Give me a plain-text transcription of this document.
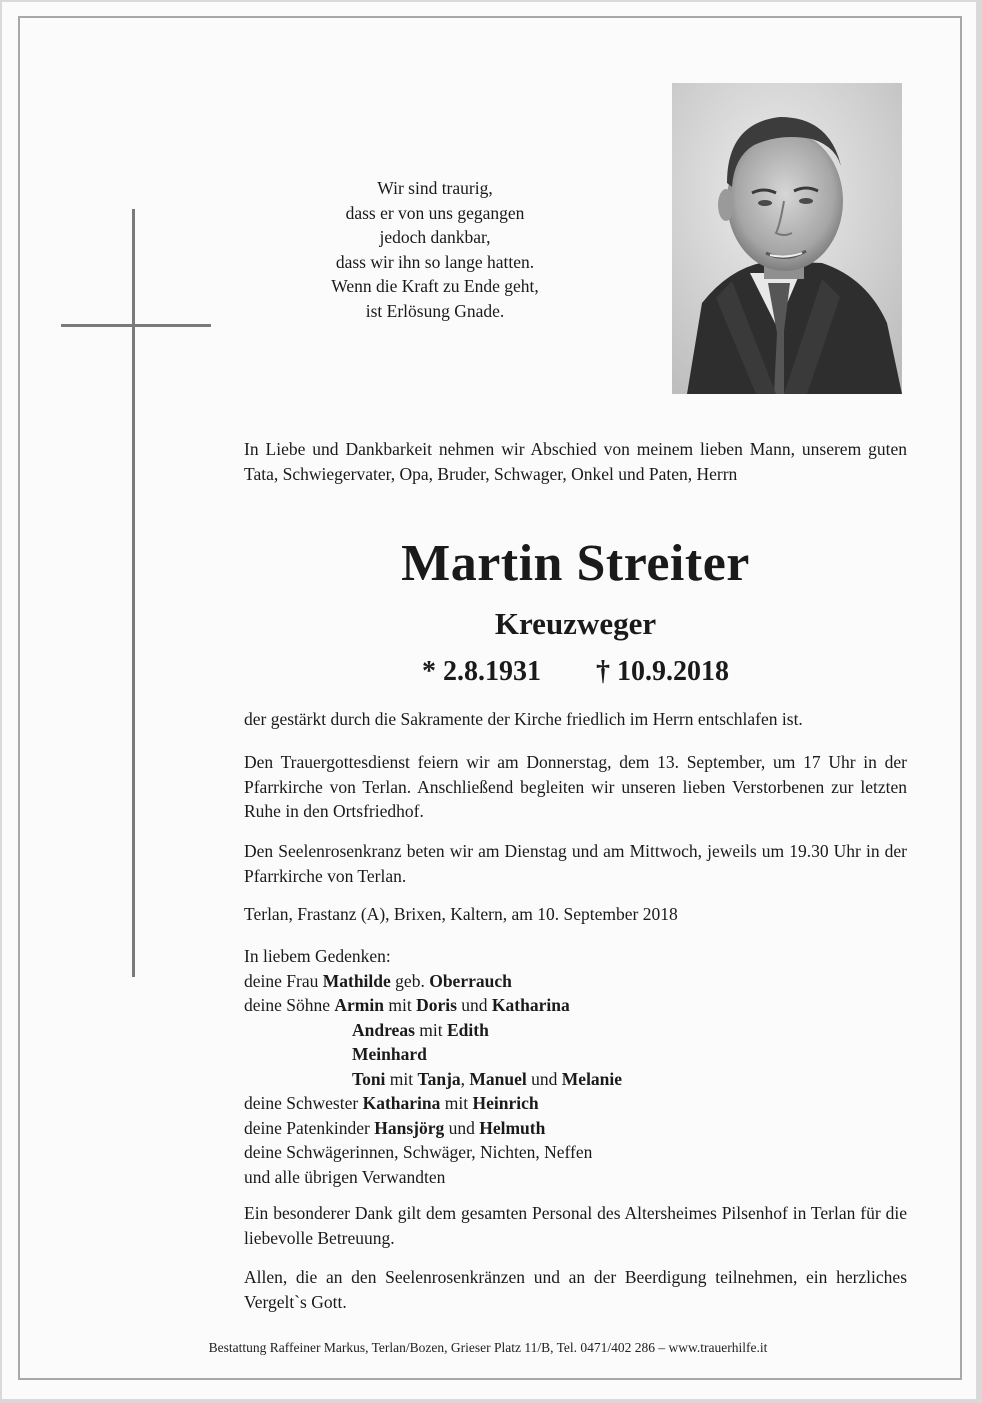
Wir sind traurig,
dass er von uns gegangen
jedoch dankbar,
dass wir ihn so lange hatten.
Wenn die Kraft zu Ende geht,
ist Erlösung Gnade.
In Liebe und Dankbarkeit nehmen wir Abschied von meinem lieben Mann, unserem guten Tata, Schwiegervater, Opa, Bruder, Schwager, Onkel und Paten, Herrn
Martin Streiter
Kreuzweger
* 2.8.1931 † 10.9.2018
der gestärkt durch die Sakramente der Kirche friedlich im Herrn entschlafen ist.
Den Trauergottesdienst feiern wir am Donnerstag, dem 13. September, um 17 Uhr in der Pfarrkirche von Terlan. Anschließend begleiten wir unseren lieben Verstorbenen zur letzten Ruhe in den Ortsfriedhof.
Den Seelenrosenkranz beten wir am Dienstag und am Mittwoch, jeweils um 19.30 Uhr in der Pfarrkirche von Terlan.
Terlan, Frastanz (A), Brixen, Kaltern, am 10. September 2018
In liebem Gedenken:
deine Frau Mathilde geb. Oberrauch
deine Söhne Armin mit Doris und Katharina
Andreas mit Edith
Meinhard
Toni mit Tanja, Manuel und Melanie
deine Schwester Katharina mit Heinrich
deine Patenkinder Hansjörg und Helmuth
deine Schwägerinnen, Schwäger, Nichten, Neffen
und alle übrigen Verwandten
Ein besonderer Dank gilt dem gesamten Personal des Altersheimes Pilsenhof in Terlan für die liebevolle Betreuung.
Allen, die an den Seelenrosenkränzen und an der Beerdigung teilnehmen, ein herzliches Vergelt`s Gott.
Bestattung Raffeiner Markus, Terlan/Bozen, Grieser Platz 11/B, Tel. 0471/402 286 – www.trauerhilfe.it
